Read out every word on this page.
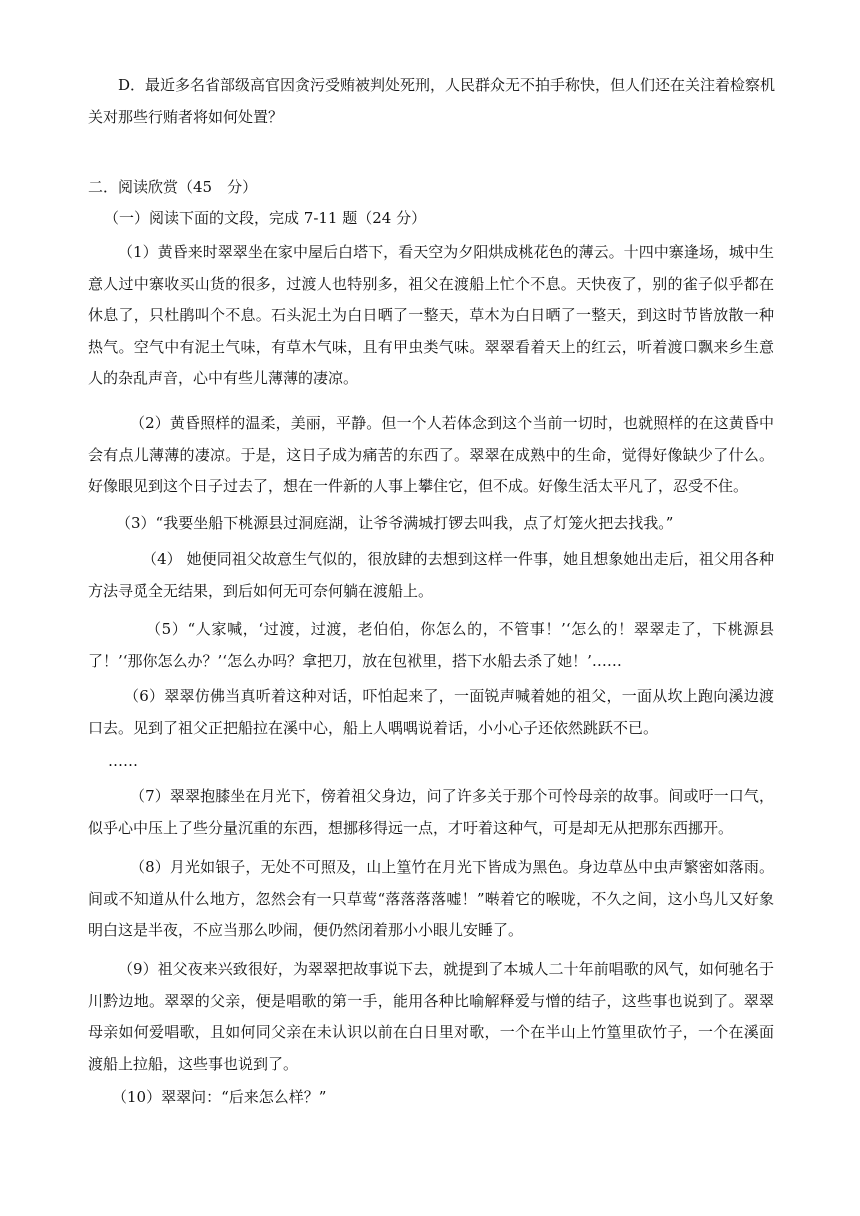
D．最近多名省部级高官因贪污受贿被判处死刑，人民群众无不拍手称快，但人们还在关注着检察机
关对那些行贿者将如何处置？
二．阅读欣赏（45　分）
（一）阅读下面的文段，完成 7-11 题（24 分）
（1）黄昏来时翠翠坐在家中屋后白塔下，看天空为夕阳烘成桃花色的薄云。十四中寨逢场，城中生意人过中寨收买山货的很多，过渡人也特别多，祖父在渡船上忙个不息。天快夜了，别的雀子似乎都在休息了，只杜鹃叫个不息。石头泥土为白日晒了一整天，草木为白日晒了一整天，到这时节皆放散一种热气。空气中有泥土气味，有草木气味，且有甲虫类气味。翠翠看着天上的红云，听着渡口飘来乡生意人的杂乱声音，心中有些儿薄薄的凄凉。
（2）黄昏照样的温柔，美丽，平静。但一个人若体念到这个当前一切时，也就照样的在这黄昏中会有点儿薄薄的凄凉。于是，这日子成为痛苦的东西了。翠翠在成熟中的生命，觉得好像缺少了什么。好像眼见到这个日子过去了，想在一件新的人事上攀住它，但不成。好像生活太平凡了，忍受不住。
（3）“我要坐船下桃源县过洞庭湖，让爷爷满城打锣去叫我，点了灯笼火把去找我。”
（4） 她便同祖父故意生气似的，很放肆的去想到这样一件事，她且想象她出走后，祖父用各种方法寻觅全无结果，到后如何无可奈何躺在渡船上。
（5）“人家喊，‘过渡，过渡，老伯伯，你怎么的，不管事！’‘怎么的！翠翠走了，下桃源县了！’‘那你怎么办？’‘怎么办吗？拿把刀，放在包袱里，搭下水船去杀了她！’……
（6）翠翠仿佛当真听着这种对话，吓怕起来了，一面锐声喊着她的祖父，一面从坎上跑向溪边渡口去。见到了祖父正把船拉在溪中心，船上人喁喁说着话，小小心子还依然跳跃不已。
……
（7）翠翠抱膝坐在月光下，傍着祖父身边，问了许多关于那个可怜母亲的故事。间或吁一口气，似乎心中压上了些分量沉重的东西，想挪移得远一点，才吁着这种气，可是却无从把那东西挪开。
（8）月光如银子，无处不可照及，山上篁竹在月光下皆成为黑色。身边草丛中虫声繁密如落雨。间或不知道从什么地方，忽然会有一只草莺“落落落落嘘！”啭着它的喉咙，不久之间，这小鸟儿又好象明白这是半夜，不应当那么吵闹，便仍然闭着那小小眼儿安睡了。
（9）祖父夜来兴致很好，为翠翠把故事说下去，就提到了本城人二十年前唱歌的风气，如何驰名于川黔边地。翠翠的父亲，便是唱歌的第一手，能用各种比喻解释爱与憎的结子，这些事也说到了。翠翠母亲如何爱唱歌，且如何同父亲在未认识以前在白日里对歌，一个在半山上竹篁里砍竹子，一个在溪面渡船上拉船，这些事也说到了。
（10）翠翠问：“后来怎么样？”
